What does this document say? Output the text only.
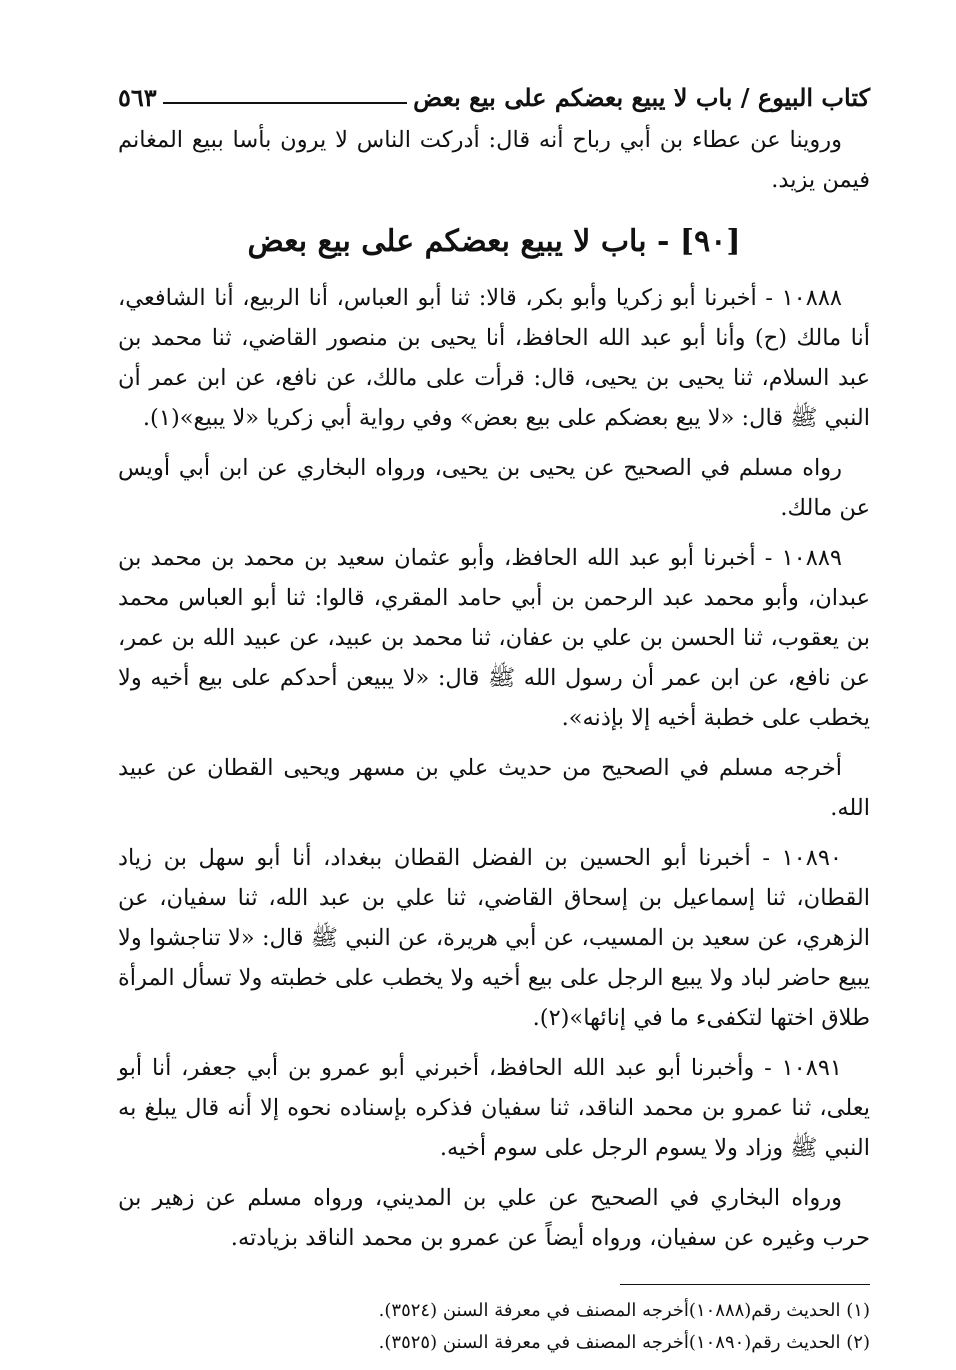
كتاب البيوع / باب لا يبيع بعضكم على بيع بعض
٥٦٣

وروينا عن عطاء بن أبي رباح أنه قال: أدركت الناس لا يرون بأسا ببيع المغانم فيمن يزيد.

[٩٠] - باب لا يبيع بعضكم على بيع بعض

١٠٨٨٨ - أخبرنا أبو زكريا وأبو بكر، قالا: ثنا أبو العباس، أنا الربيع، أنا الشافعي، أنا مالك (ح) وأنا أبو عبد الله الحافظ، أنا يحيى بن منصور القاضي، ثنا محمد بن عبد السلام، ثنا يحيى بن يحيى، قال: قرأت على مالك، عن نافع، عن ابن عمر أن النبي ﷺ قال: «لا يبع بعضكم على بيع بعض» وفي رواية أبي زكريا «لا يبيع»(١).

رواه مسلم في الصحيح عن يحيى بن يحيى، ورواه البخاري عن ابن أبي أويس عن مالك.

١٠٨٨٩ - أخبرنا أبو عبد الله الحافظ، وأبو عثمان سعيد بن محمد بن محمد بن عبدان، وأبو محمد عبد الرحمن بن أبي حامد المقري، قالوا: ثنا أبو العباس محمد بن يعقوب، ثنا الحسن بن علي بن عفان، ثنا محمد بن عبيد، عن عبيد الله بن عمر، عن نافع، عن ابن عمر أن رسول الله ﷺ قال: «لا يبيعن أحدكم على بيع أخيه ولا يخطب على خطبة أخيه إلا بإذنه».

أخرجه مسلم في الصحيح من حديث علي بن مسهر ويحيى القطان عن عبيد الله.

١٠٨٩٠ - أخبرنا أبو الحسين بن الفضل القطان ببغداد، أنا أبو سهل بن زياد القطان، ثنا إسماعيل بن إسحاق القاضي، ثنا علي بن عبد الله، ثنا سفيان، عن الزهري، عن سعيد بن المسيب، عن أبي هريرة، عن النبي ﷺ قال: «لا تناجشوا ولا يبيع حاضر لباد ولا يبيع الرجل على بيع أخيه ولا يخطب على خطبته ولا تسأل المرأة طلاق اختها لتكفىء ما في إنائها»(٢).

١٠٨٩١ - وأخبرنا أبو عبد الله الحافظ، أخبرني أبو عمرو بن أبي جعفر، أنا أبو يعلى، ثنا عمرو بن محمد الناقد، ثنا سفيان فذكره بإسناده نحوه إلا أنه قال يبلغ به النبي ﷺ وزاد ولا يسوم الرجل على سوم أخيه.

ورواه البخاري في الصحيح عن علي بن المديني، ورواه مسلم عن زهير بن حرب وغيره عن سفيان، ورواه أيضاً عن عمرو بن محمد الناقد بزيادته.

(١) الحديث رقم(١٠٨٨٨)أخرجه المصنف في معرفة السنن (٣٥٢٤).
(٢) الحديث رقم(١٠٨٩٠)أخرجه المصنف في معرفة السنن (٣٥٢٥).
